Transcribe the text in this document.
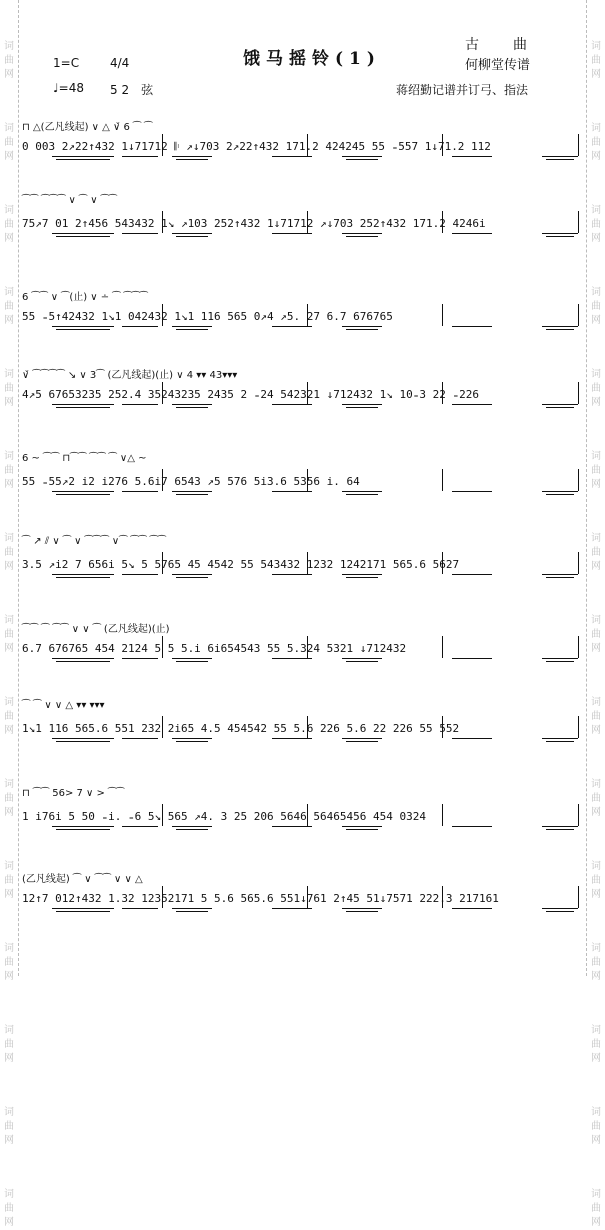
词
曲
网
词
曲
网
词
曲
网
词
曲
网
词
曲
网
词
曲
网
词
曲
网
词
曲
网
词
曲
网
词
曲
网
词
曲
网
词
曲
网
词
曲
网
词
曲
网
词
曲
网
词
曲
网
词
曲
网
词
曲
网
词
曲
网
词
曲
网
词
曲
网
词
曲
网
词
曲
网
词
曲
网
词
曲
网
词
曲
网
词
曲
网
词
曲
网
词
曲
网
词
曲
网
饿马摇铃(1)
古　　曲
何柳堂传谱
1=C	4/4
♩=48 5 2　弦	蒋绍勤记谱并订弓、指法
⊓ △(乙凡线起) ∨ △ ∨̌ 6 ⁀ ⁀
0 003 2↗22↑432 1↓71712 𝄆 ↗↓703 2↗22↑432 171.2 424245 55 ₌557 1↓71.2 112
⁀⁀ ⁀⁀⁀ ∨ ⁀ ∨ ⁀⁀
75↗7 01 2↑456 543432 1↘ ↗103 252↑432 1↓71712 ↗↓703 252↑432 171.2 4246i
6 ⁀⁀ ∨ ⁀(止) ∨ ∸ ⁀ ⁀⁀⁀
55 ₌5↑42432 1↘1 042432 1↘1 116 565 0↗4 ↗5. 27 6.7 676765
∨̌ ⁀⁀⁀⁀ ↘ ∨ 3⁀ (乙凡线起)(止) ∨ 4 ▾▾ 43▾▾▾
4↗5 67653235 252.4 35243235 2435 2 ₌24 542321 ↓712432 1↘ 10₌3 22 ₌226
6 ~ ⁀⁀ ⊓⁀⁀ ⁀⁀ ⁀ ∨△ ~
55 ₌55↗2 i2 i276 5.6i7 6543 ↗5 576 5i3.6 5356 i. 64
⁀ ↗ ⫽ ∨ ⁀ ∨ ⁀⁀⁀ ∨⁀ ⁀⁀ ⁀⁀
3.5 ↗i2 7 656i 5↘ 5 5765 45 4542 55 543432 1232 1242171 565.6 5627
⁀⁀ ⁀ ⁀⁀ ∨ ∨ ⁀ (乙凡线起)(止)
6.7 676765 454 2124 5 5 5.i 6i654543 55 5.324 5321 ↓712432
⁀ ⁀ ∨ ∨ △ ▾▾ ▾▾▾
1↘1 116 565.6 551 232 2i65 4.5 454542 55 5.6 226 5.6 22 226 55 552
⊓ ⁀⁀ 56> 7 ∨ > ⁀⁀
1 i76i 5 50 ₌i. ₌6 5↘ 565 ↗4. 3 25 206 5646 56465456 454 0324
(乙凡线起) ⁀ ∨ ⁀⁀ ∨ ∨ △
12↑7 012↑432 1.32 12352171 5 5.6 565.6 551↓761 2↑45 51↓7571 222.3 217161
